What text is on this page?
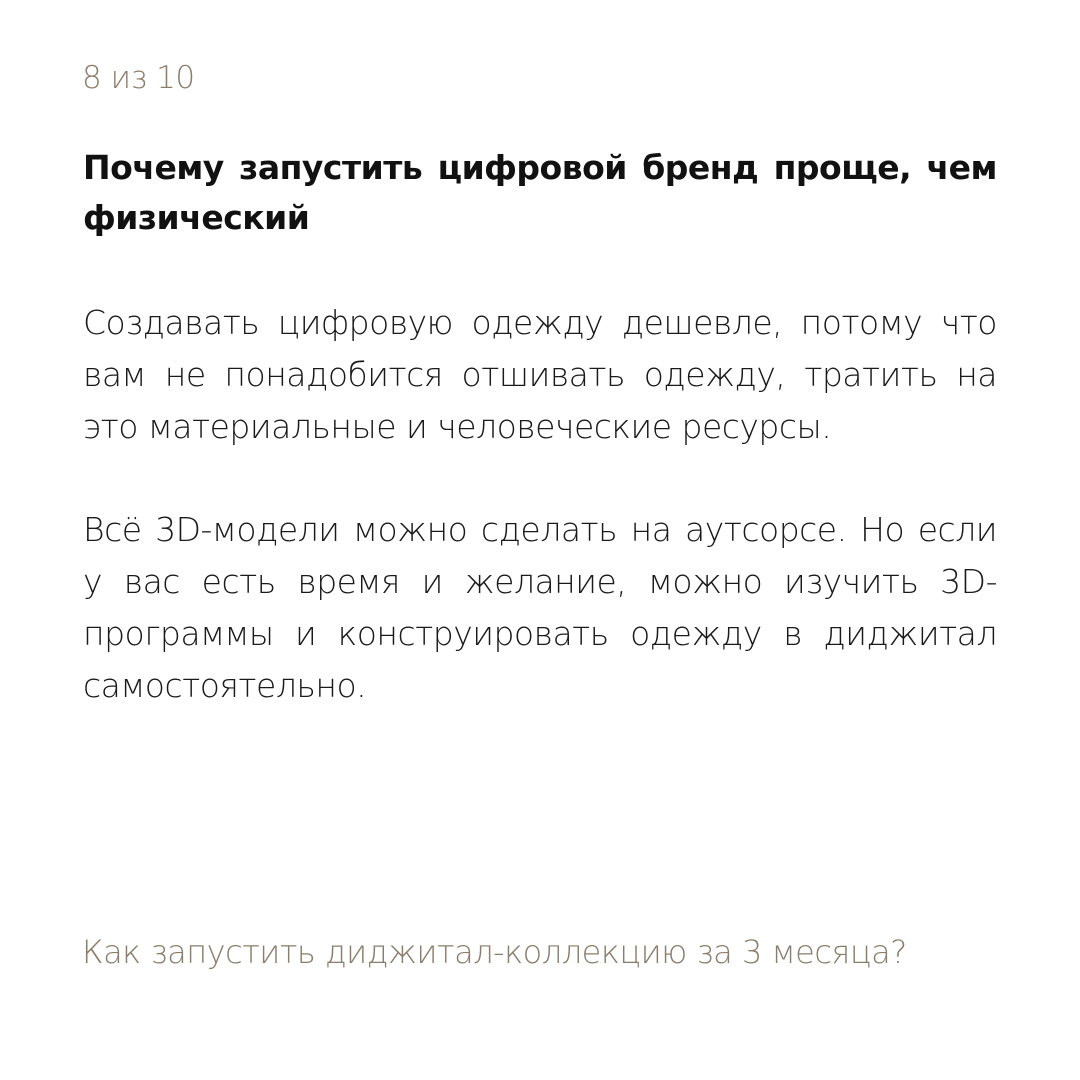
8 из 10
Почему запустить цифровой бренд проще, чем физический
Создавать цифровую одежду дешевле, потому что вам не понадобится отшивать одежду, тратить на это материальные и человеческие ресурсы.
Всё 3D-модели можно сделать на аутсорсе. Но если у вас есть время и желание, можно изучить 3D-программы и конструировать одежду в диджитал самостоятельно.
Как запустить диджитал-коллекцию за 3 месяца?
